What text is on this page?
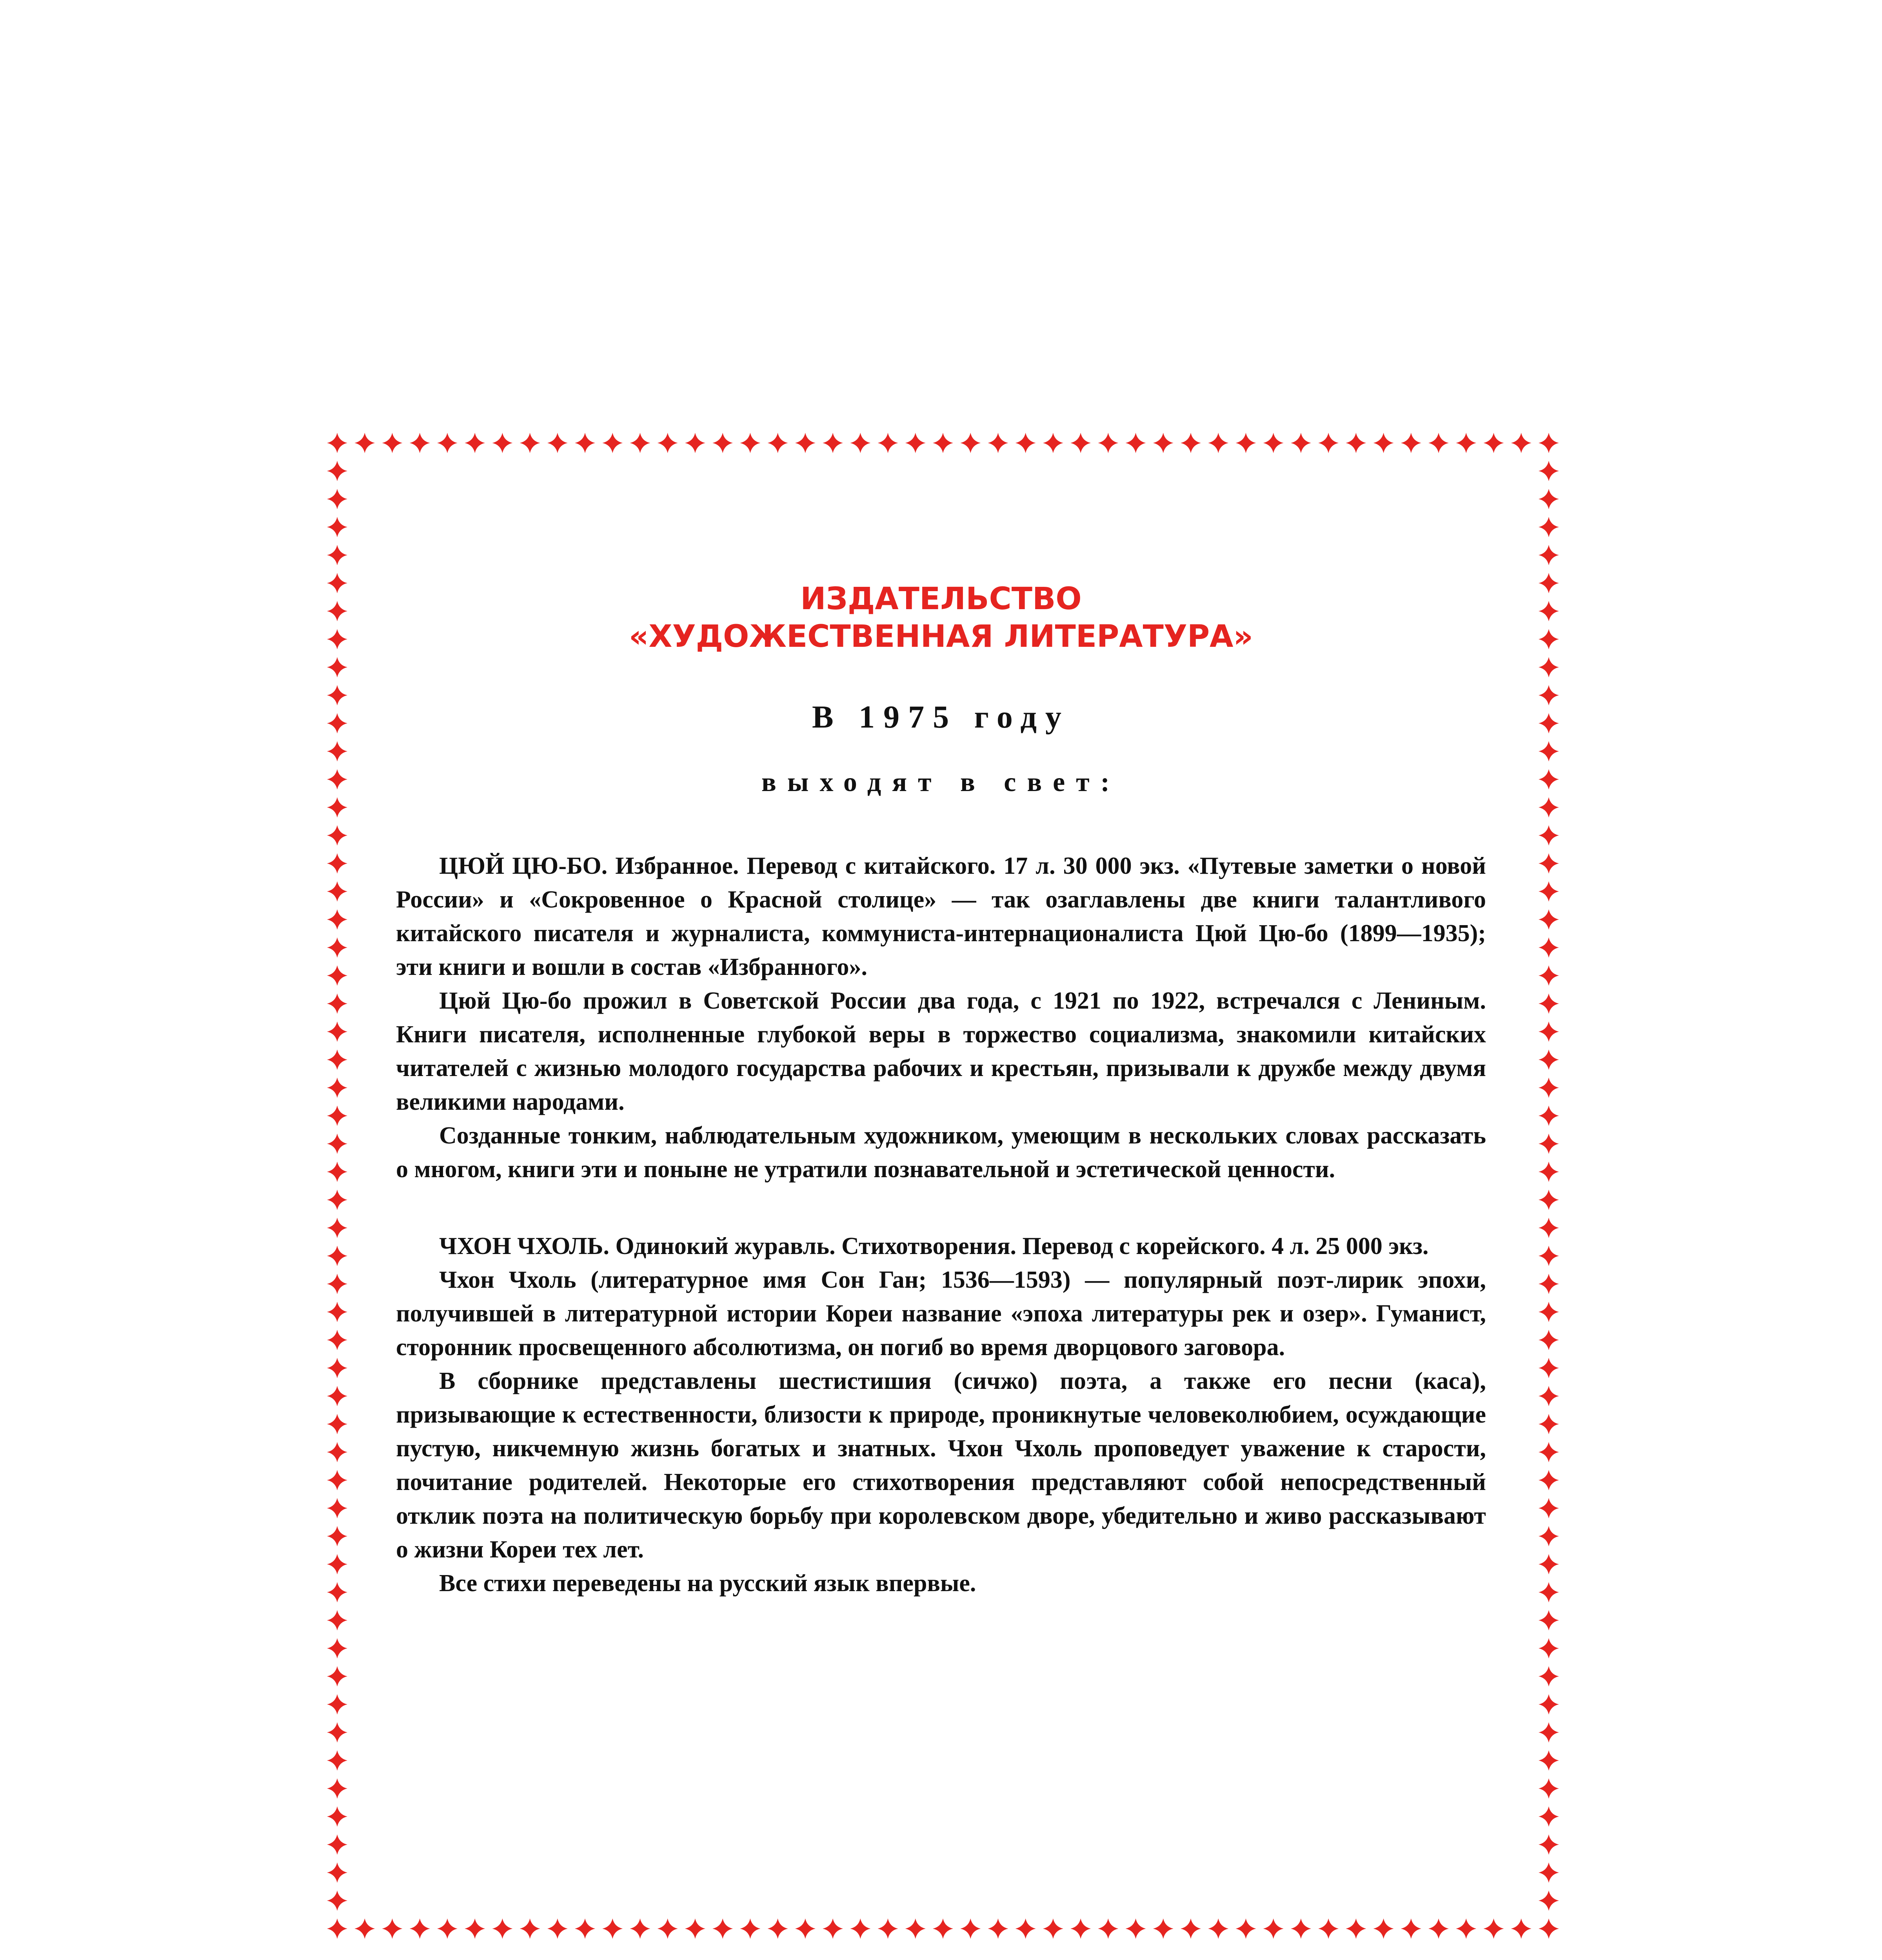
ИЗДАТЕЛЬСТВО
«ХУДОЖЕСТВЕННАЯ ЛИТЕРАТУРА»
В 1975 году
выходят в свет:

ЦЮЙ ЦЮ-БО. Избранное. Перевод с китайского. 17 л. 30 000 экз. «Путевые заметки о новой России» и «Сокровенное о Красной столице» — так озаглавлены две книги талантливого китайского писателя и журналиста, коммуниста-интернационалиста Цюй Цю-бо (1899—1935); эти книги и вошли в состав «Избранного».

Цюй Цю-бо прожил в Советской России два года, с 1921 по 1922, встречался с Лениным. Книги писателя, исполненные глубокой веры в торжество социализма, знакомили китайских читателей с жизнью молодого государства рабочих и крестьян, призывали к дружбе между двумя великими народами.

Созданные тонким, наблюдательным художником, умеющим в нескольких словах рассказать о многом, книги эти и поныне не утратили познавательной и эстетической ценности.

ЧХОН ЧХОЛЬ. Одинокий журавль. Стихотворения. Перевод с корейского. 4 л. 25 000 экз.

Чхон Чхоль (литературное имя Сон Ган; 1536—1593) — популярный поэт-лирик эпохи, получившей в литературной истории Кореи название «эпоха литературы рек и озер». Гуманист, сторонник просвещенного абсолютизма, он погиб во время дворцового заговора.

В сборнике представлены шестистишия (сичжо) поэта, а также его песни (каса), призывающие к естественности, близости к природе, проникнутые человеколюбием, осуждающие пустую, никчемную жизнь богатых и знатных. Чхон Чхоль проповедует уважение к старости, почитание родителей. Некоторые его стихотворения представляют собой непосредственный отклик поэта на политическую борьбу при королевском дворе, убедительно и живо рассказывают о жизни Кореи тех лет.

Все стихи переведены на русский язык впервые.
